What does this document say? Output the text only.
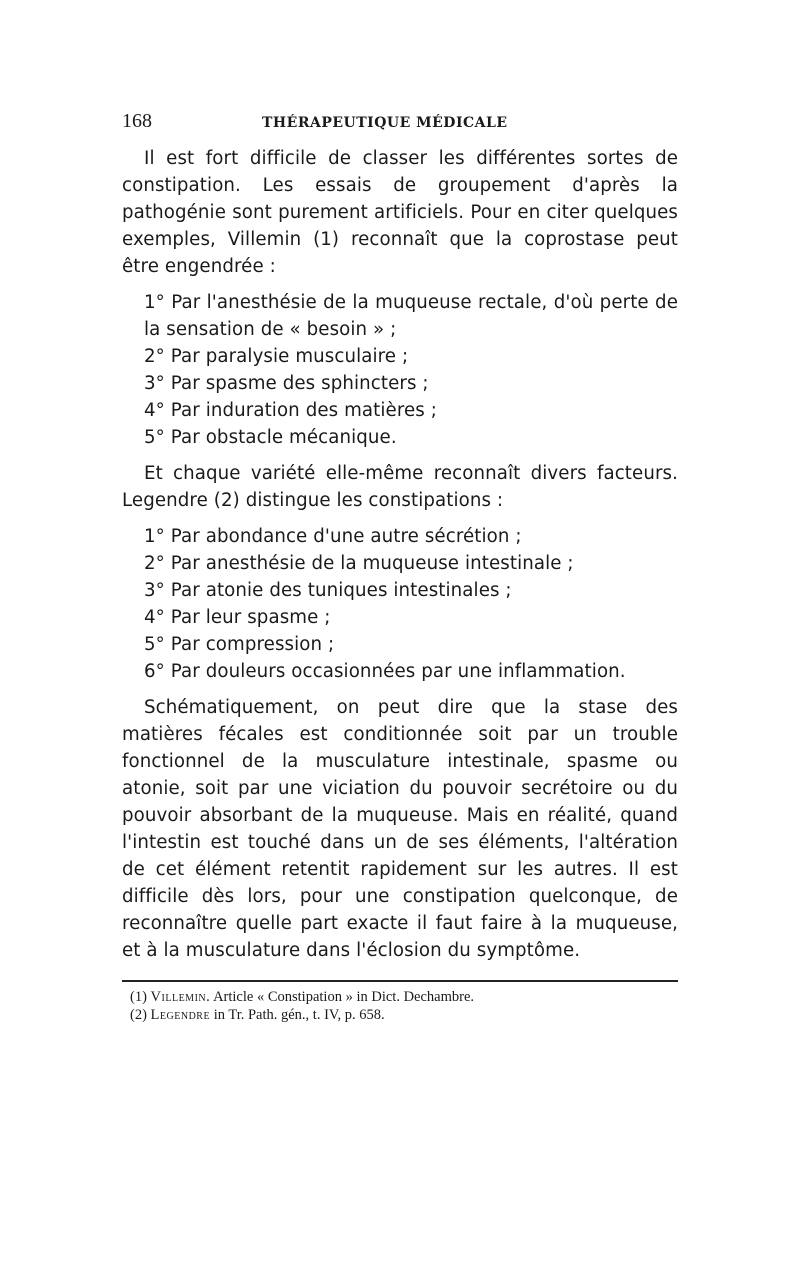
168	THÉRAPEUTIQUE MÉDICALE

Il est fort difficile de classer les différentes sortes de constipation. Les essais de groupement d'après la pathogénie sont purement artificiels. Pour en citer quelques exemples, Villemin (1) reconnaît que la coprostase peut être engendrée :

1° Par l'anesthésie de la muqueuse rectale, d'où perte de la sensation de « besoin » ;

2° Par paralysie musculaire ;

3° Par spasme des sphincters ;

4° Par induration des matières ;

5° Par obstacle mécanique.

Et chaque variété elle-même reconnaît divers facteurs. Legendre (2) distingue les constipations :

1° Par abondance d'une autre sécrétion ;

2° Par anesthésie de la muqueuse intestinale ;

3° Par atonie des tuniques intestinales ;

4° Par leur spasme ;

5° Par compression ;

6° Par douleurs occasionnées par une inflammation.

Schématiquement, on peut dire que la stase des matières fécales est conditionnée soit par un trouble fonctionnel de la musculature intestinale, spasme ou atonie, soit par une viciation du pouvoir secrétoire ou du pouvoir absorbant de la muqueuse. Mais en réalité, quand l'intestin est touché dans un de ses éléments, l'altération de cet élément retentit rapidement sur les autres. Il est difficile dès lors, pour une constipation quelconque, de reconnaître quelle part exacte il faut faire à la muqueuse, et à la musculature dans l'éclosion du symptôme.

(1) Villemin. Article « Constipation » in Dict. Dechambre.

(2) Legendre in Tr. Path. gén., t. IV, p. 658.
